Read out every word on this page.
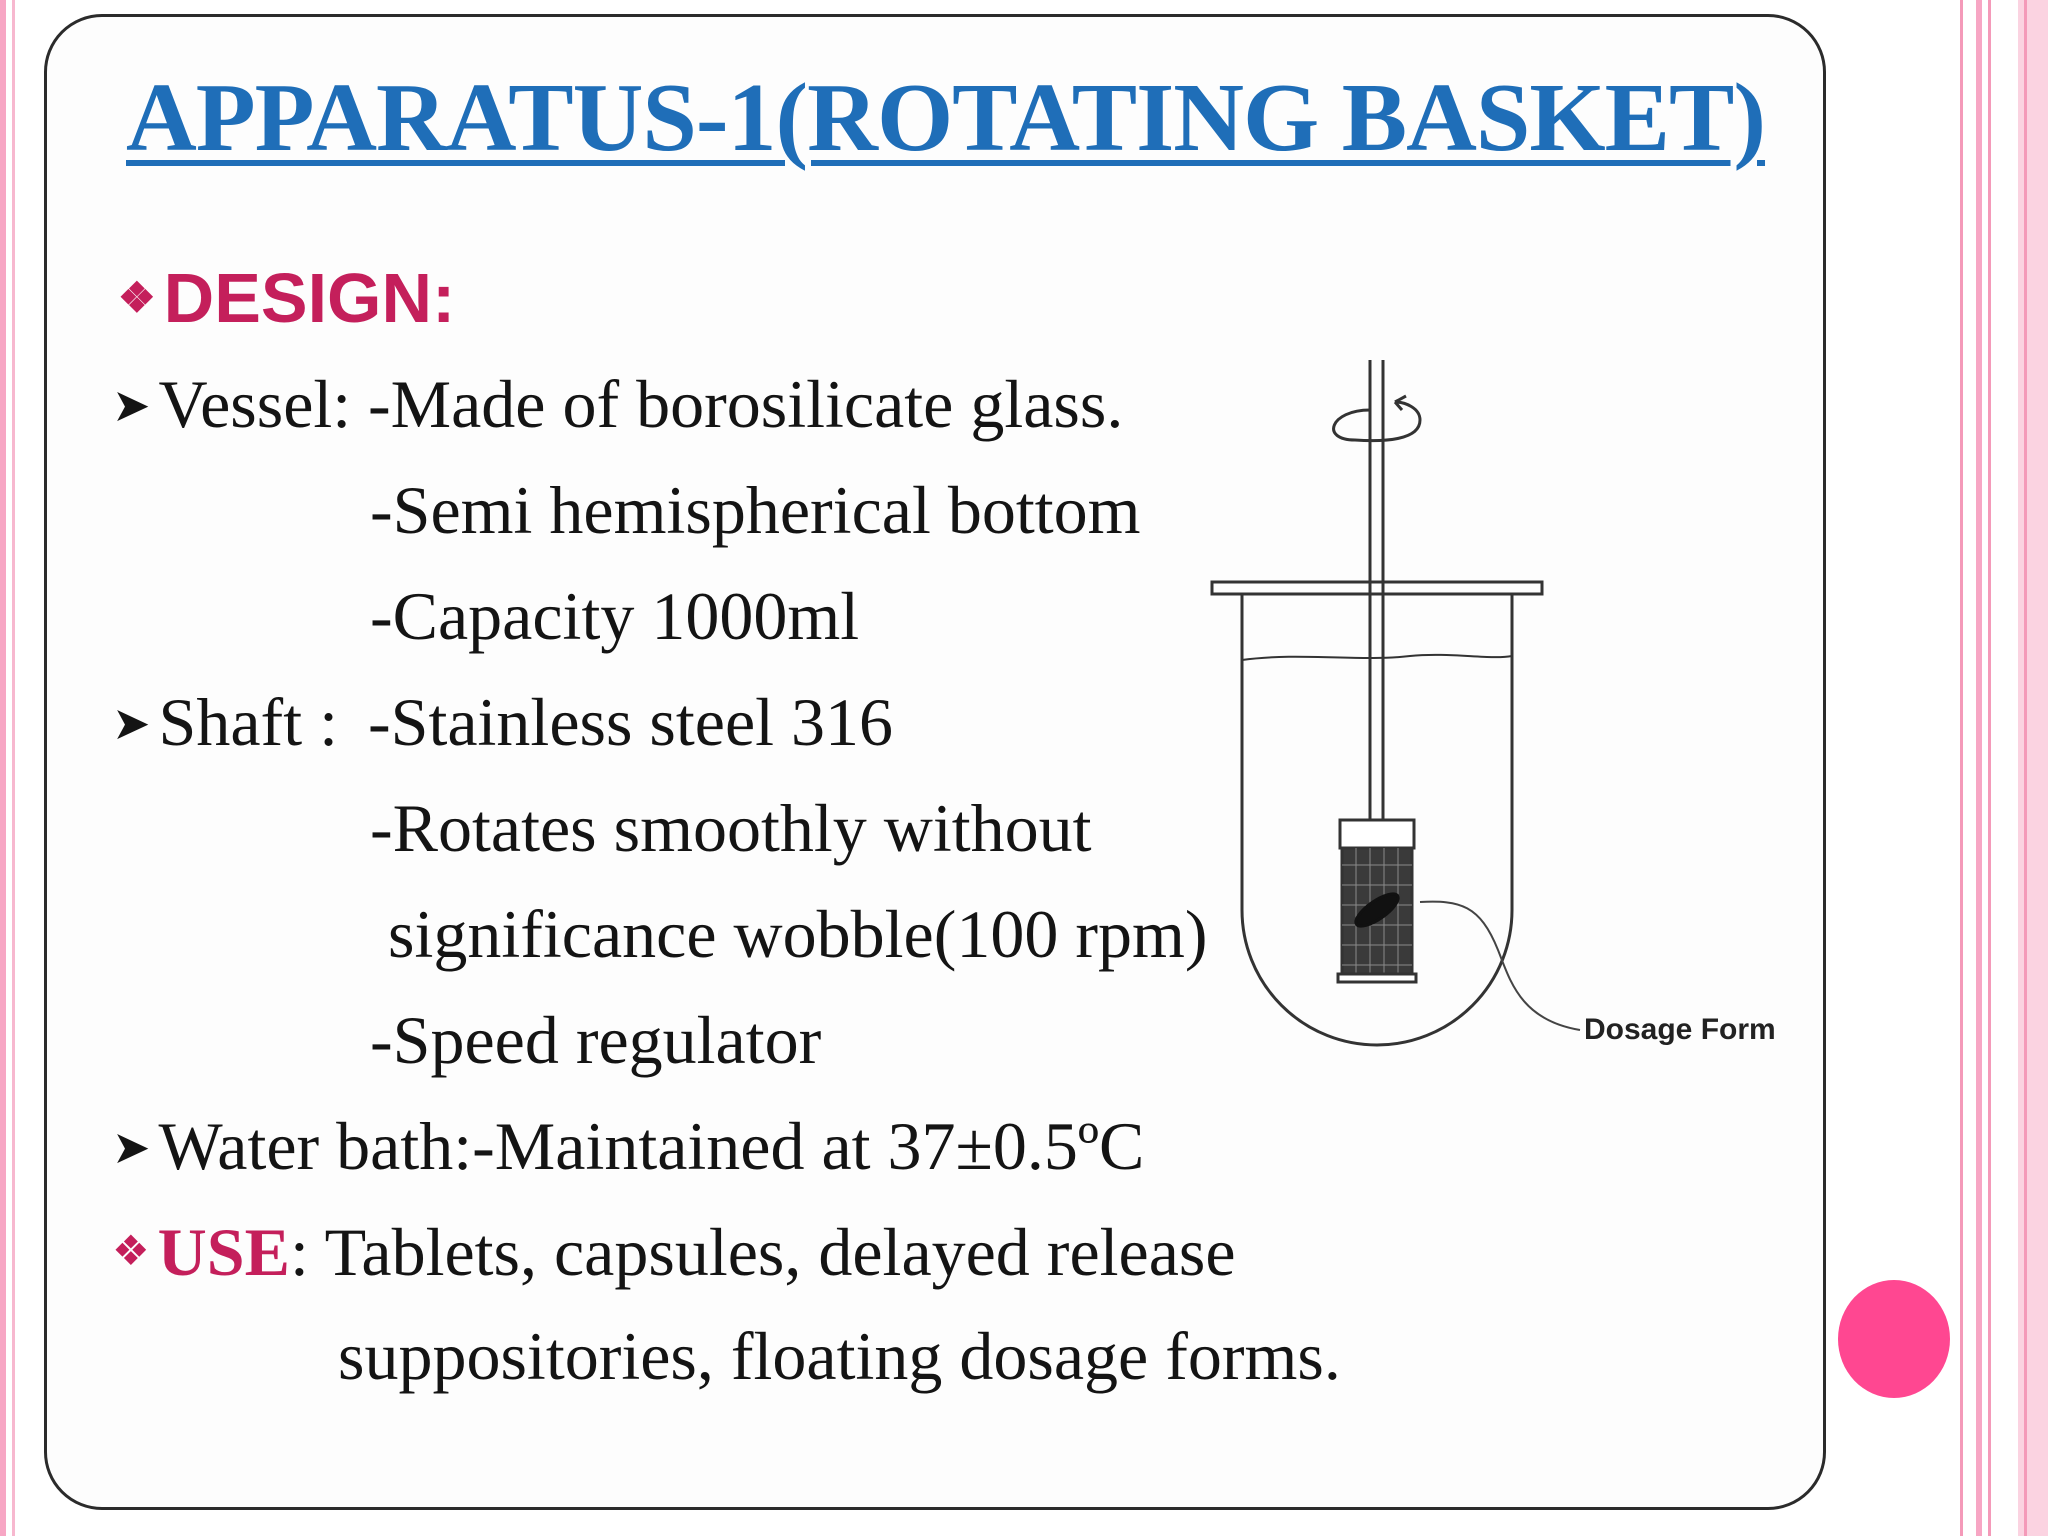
APPARATUS-1(ROTATING BASKET)
❖ DESIGN:
➤ Vessel: -Made of borosilicate glass.
-Semi hemispherical bottom
-Capacity 1000ml
➤ Shaft : -Stainless steel 316
-Rotates smoothly without
significance wobble(100 rpm)
-Speed regulator
➤ Water bath:-Maintained at 37±0.5ºC
❖ USE: Tablets, capsules, delayed release
suppositories, floating dosage forms.
Dosage Form
